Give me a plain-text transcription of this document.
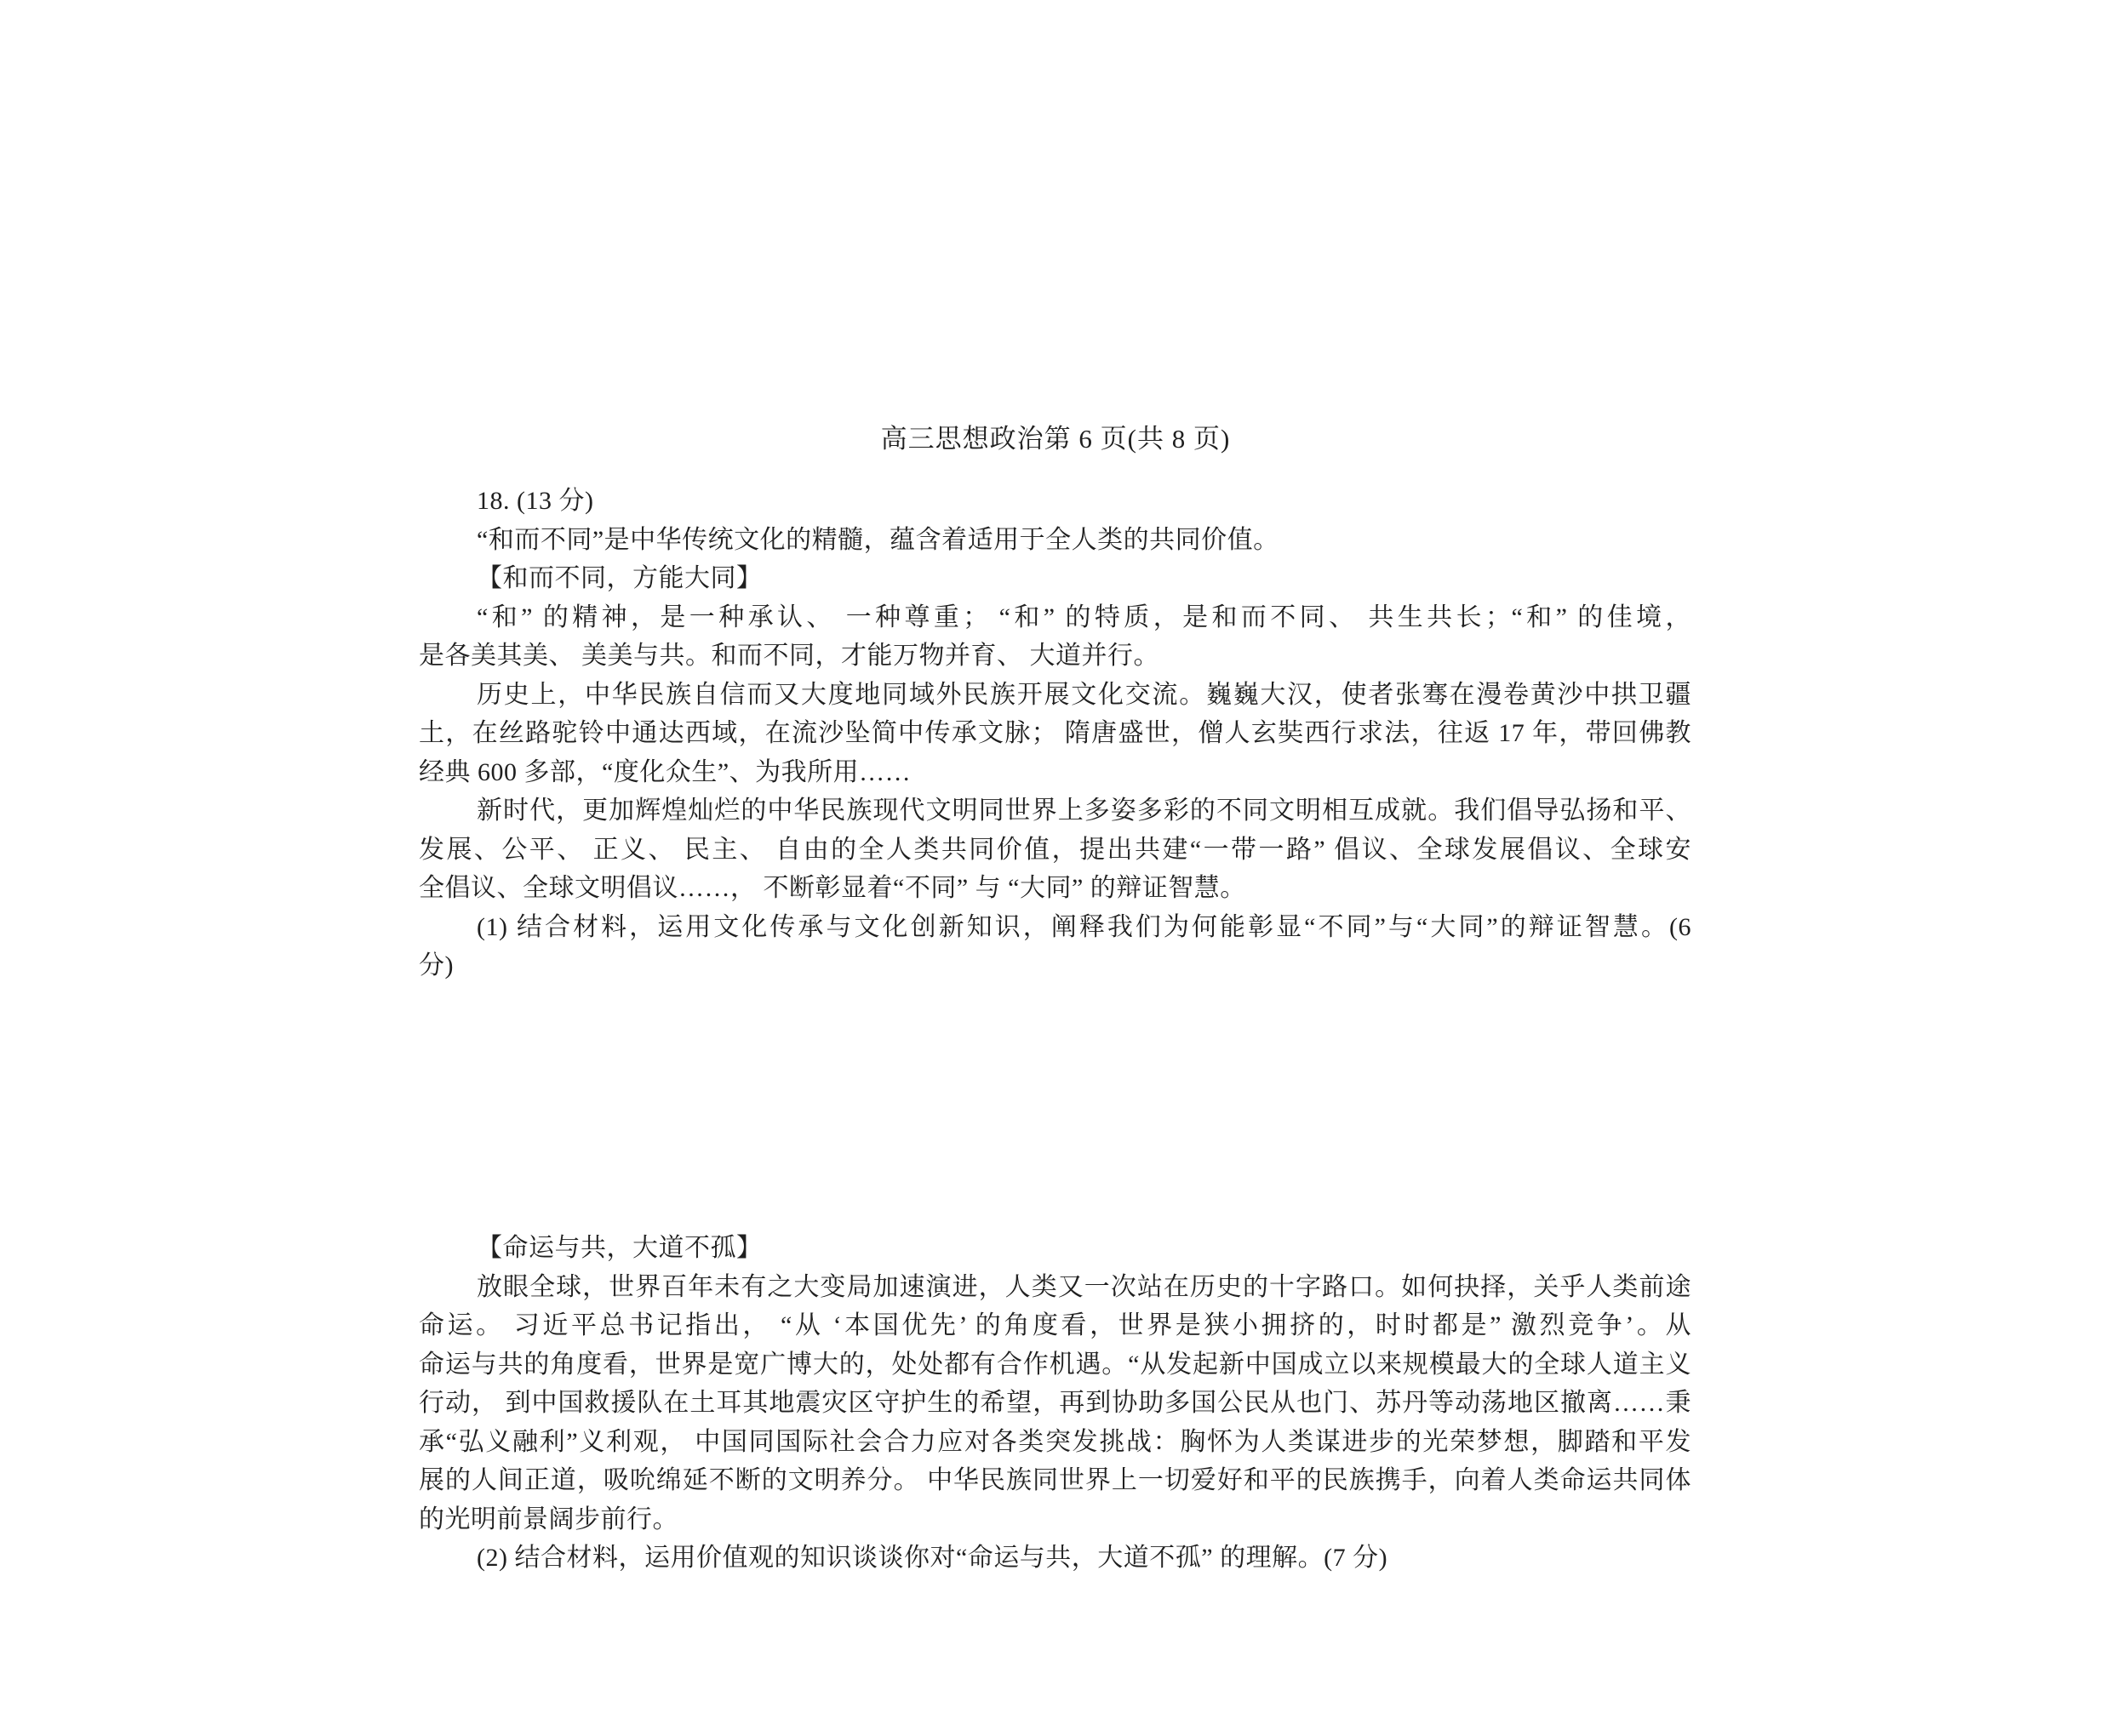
高三思想政治第 6 页(共 8 页)
18. (13 分)
“和而不同”是中华传统文化的精髓，蕴含着适用于全人类的共同价值。
【和而不同，方能大同】
“和” 的精神，是一种承认、 一种尊重； “和” 的特质，是和而不同、 共生共长；“和” 的佳境，
是各美其美、 美美与共。和而不同，才能万物并育、 大道并行。
历史上，中华民族自信而又大度地同域外民族开展文化交流。巍巍大汉，使者张骞在漫卷黄沙中拱卫疆
土，在丝路驼铃中通达西域，在流沙坠简中传承文脉； 隋唐盛世，僧人玄奘西行求法，往返 17 年，带回佛教
经典 600 多部，“度化众生”、为我所用……
新时代，更加辉煌灿烂的中华民族现代文明同世界上多姿多彩的不同文明相互成就。我们倡导弘扬和平、
发展、公平、 正义、 民主、 自由的全人类共同价值，提出共建“一带一路” 倡议、全球发展倡议、全球安
全倡议、全球文明倡议……， 不断彰显着“不同” 与 “大同” 的辩证智慧。
(1) 结合材料，运用文化传承与文化创新知识，阐释我们为何能彰显“不同”与“大同”的辩证智慧。(6
分)
【命运与共，大道不孤】
放眼全球，世界百年未有之大变局加速演进，人类又一次站在历史的十字路口。如何抉择，关乎人类前途
命运。 习近平总书记指出， “从 ‘本国优先’ 的角度看，世界是狭小拥挤的，时时都是” 激烈竞争’。从
命运与共的角度看，世界是宽广博大的，处处都有合作机遇。“从发起新中国成立以来规模最大的全球人道主义
行动， 到中国救援队在土耳其地震灾区守护生的希望，再到协助多国公民从也门、苏丹等动荡地区撤离……秉
承“弘义融利”义利观， 中国同国际社会合力应对各类突发挑战：胸怀为人类谋进步的光荣梦想，脚踏和平发
展的人间正道，吸吮绵延不断的文明养分。 中华民族同世界上一切爱好和平的民族携手，向着人类命运共同体
的光明前景阔步前行。
(2) 结合材料，运用价值观的知识谈谈你对“命运与共，大道不孤” 的理解。(7 分)
